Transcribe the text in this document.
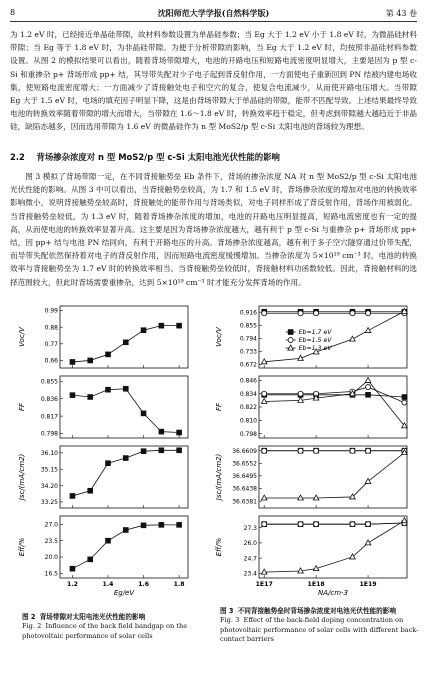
8	沈阳师范大学学报(自然科学版)	第 43 卷
为 1.2 eV 时，已经接近单晶硅带隙，故材料参数设置为单晶硅参数；当 Eg 大于 1.2 eV 小于 1.8 eV 时，为微晶硅材料带隙；当 Eg 等于 1.8 eV 时，为非晶硅带隙。为便于分析带隙的影响，当 Eg 大于 1.2 eV 时，均按照非晶硅材料参数设置。从图 2 的模拟结果可以看出，随着背场带隙增大，电池的开路电压和短路电流密度明显增大，主要是因为 p 型 c-Si 和重掺杂 p+ 背场形成 pp+ 结，其导带失配对少子电子起到背反射作用，一方面使电子重新回到 PN 结被内建电场收集，使短路电流密度增大；一方面减少了背接触处电子和空穴的复合，使复合电流减少，从而使开路电压增大。当带隙 Eg 大于 1.5 eV 时，电场的填充因子明显下降，这是由背场带隙大于单晶硅的带隙，能带不匹配导致。上述结果最终导致电池的转换效率随着带隙的增大而增大，当带隙在 1.6～1.8 eV 时，转换效率趋于稳定，但考虑到带隙越大越趋近于非晶硅，缺陷态越多，因而选用带隙为 1.6 eV 的微晶硅作为 n 型 MoS2/p 型 c-Si 太阳电池的背场较为理想。
2.2 背场掺杂浓度对 n 型 MoS2/p 型 c-Si 太阳电池光伏性能的影响
图 3 模拟了背场带隙一定，在不同背接触势垒 Eb 条件下，背场的掺杂浓度 NA 对 n 型 MoS2/p 型 c-Si 太阳电池光伏性能的影响。从图 3 中可以看出，当背接触势垒较高，为 1.7 和 1.5 eV 时，背场掺杂浓度的增加对电池的转换效率影响微小，说明背接触势垒较高时，背接触处的能带作用与背场类似，对电子同样形成了背反射作用，背场作用被弱化。当背接触势垒较低，为 1.3 eV 时，随着背场掺杂浓度的增加，电池的开路电压明显提高，短路电流密度也有一定的提高，从而使电池的转换效率显著升高。这主要是因为背场掺杂浓度越大，越有利于 p 型 c-Si 与重掺杂 p+ 背场形成 pp+ 结，因 pp+ 结与电池 PN 结同向，有利于开路电压的升高。背场掺杂浓度越高，越有利于多子空穴隧穿通过价带失配，而导带失配依然保持着对电子的背反射作用，因而短路电流密度缓慢增加。当掺杂浓度为 5×10¹⁹ cm⁻³ 时，电池的转换效率与背接触势垒为 1.7 eV 时的转换效率相当。当背接触势垒较低时，背接触材料功函数较低。因此，背接触材料的选择范围较大，但此时背场需要重掺杂，达到 5×10¹⁹ cm⁻³ 时才能充分发挥背场的作用。
0.66
0.77
0.88
0.99
Voc/V
0.798
0.817
0.836
0.855
FF
33.25
34.20
35.15
36.10
Jsc/(mA/cm2)
16.5
20.0
23.5
27.0
Eff/%
1.2	1.4	1.6	1.8
Eg/eV
0.672
0.733
0.794
0.855
0.916
Voc/V	Eb=1.7 eV
Eb=1.5 eV
Eb=1.3 eV
0.798
0.810
0.822
0.834
0.846
FF
36.6381
36.6438
36.6495
36.6552
36.6609
Jsc/(mA/cm2)
23.4
24.7
26.0
27.3
Eff/%
1E17	1E18	1E19
NA/cm-3
图 2 背场带隙对太阳电池光伏性能的影响
Fig. 2 Influence of the back field bandgap on the photovoltaic performance of solar cells
图 3 不同背接触势垒时背场掺杂浓度对电池光伏性能的影响
Fig. 3 Effect of the back-field doping concentration on photovoltaic performance of solar cells with different back-contact barriers
